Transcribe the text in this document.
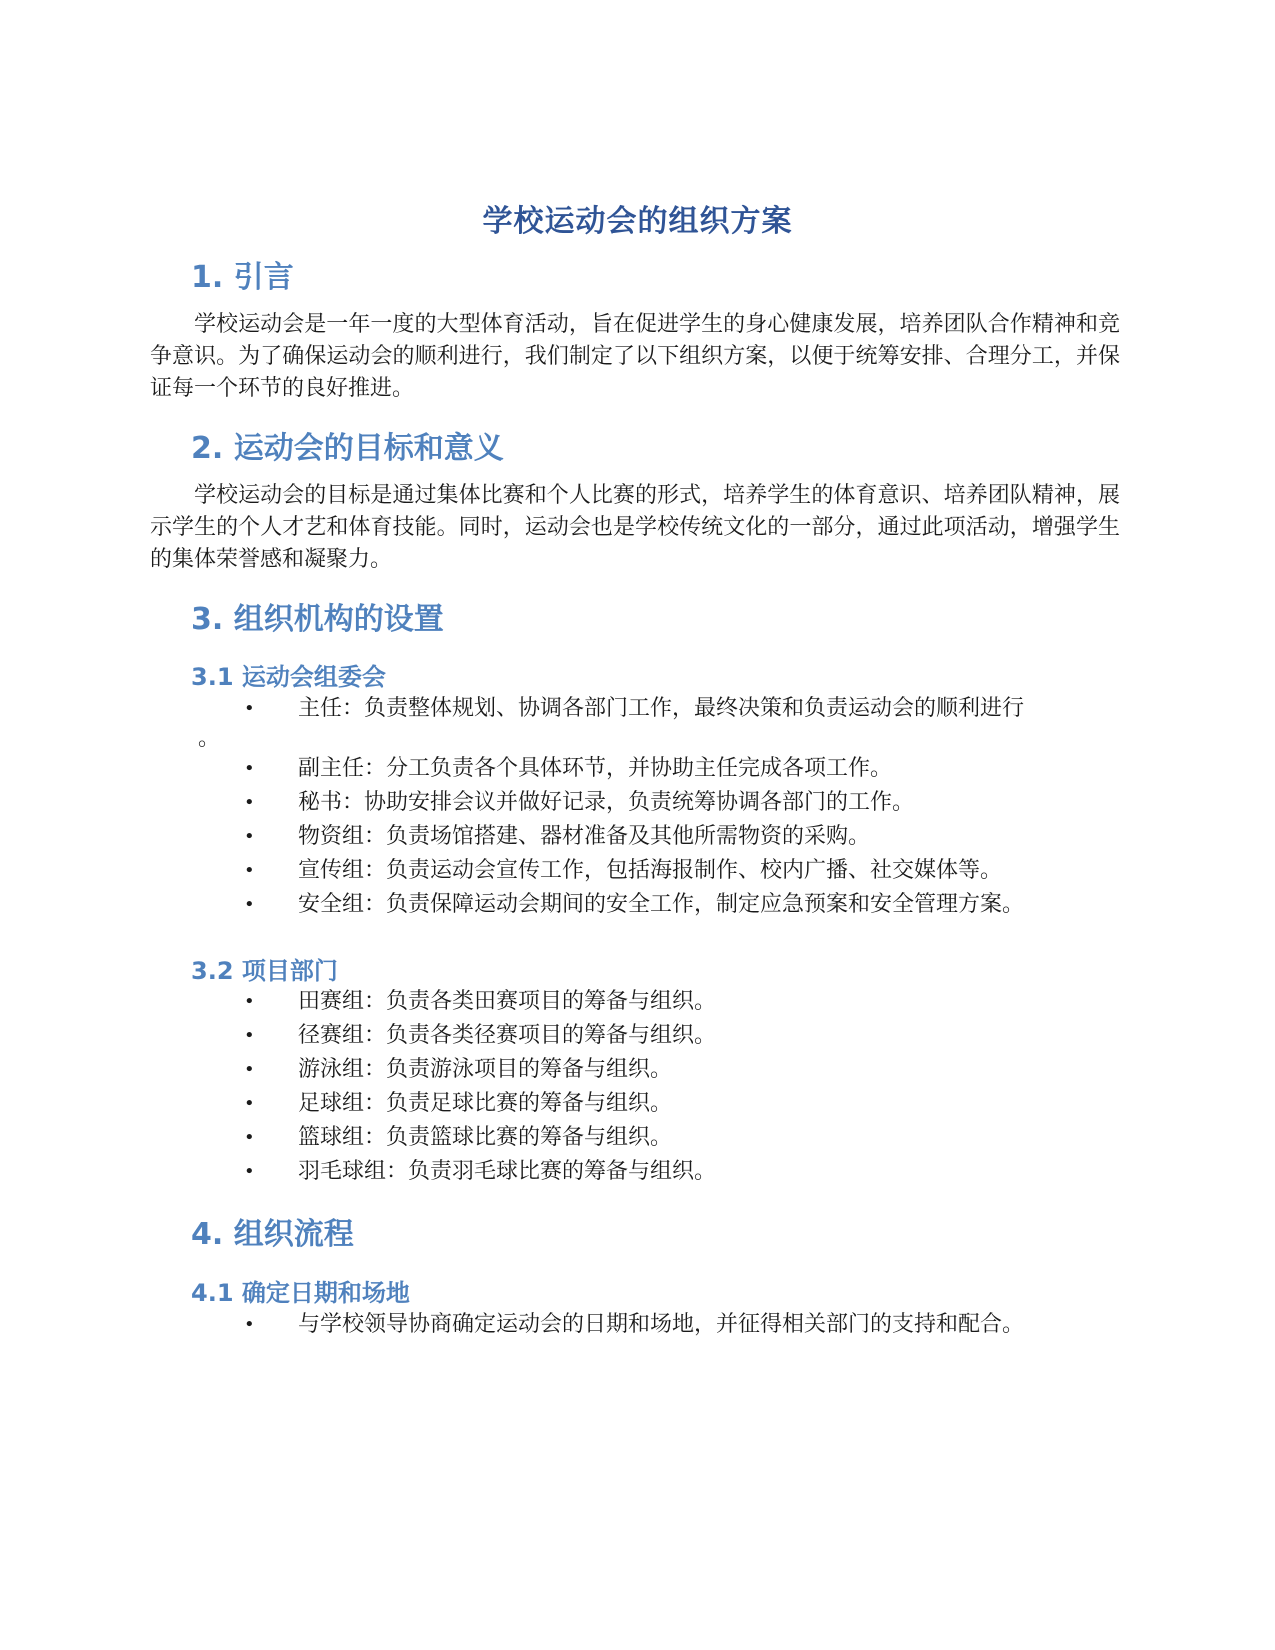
学校运动会的组织方案
1. 引言

学校运动会是一年一度的大型体育活动，旨在促进学生的身心健康发展，培养团队合作精神和竞争意识。为了确保运动会的顺利进行，我们制定了以下组织方案，以便于统筹安排、合理分工，并保证每一个环节的良好推进。

2. 运动会的目标和意义

学校运动会的目标是通过集体比赛和个人比赛的形式，培养学生的体育意识、培养团队精神，展示学生的个人才艺和体育技能。同时，运动会也是学校传统文化的一部分，通过此项活动，增强学生的集体荣誉感和凝聚力。

3. 组织机构的设置
3.1 运动会组委会
• 主任：负责整体规划、协调各部门工作，最终决策和负责运动会的顺利进行
。
• 副主任：分工负责各个具体环节，并协助主任完成各项工作。
• 秘书：协助安排会议并做好记录，负责统筹协调各部门的工作。
• 物资组：负责场馆搭建、器材准备及其他所需物资的采购。
• 宣传组：负责运动会宣传工作，包括海报制作、校内广播、社交媒体等。
• 安全组：负责保障运动会期间的安全工作，制定应急预案和安全管理方案。
3.2 项目部门
• 田赛组：负责各类田赛项目的筹备与组织。
• 径赛组：负责各类径赛项目的筹备与组织。
• 游泳组：负责游泳项目的筹备与组织。
• 足球组：负责足球比赛的筹备与组织。
• 篮球组：负责篮球比赛的筹备与组织。
• 羽毛球组：负责羽毛球比赛的筹备与组织。
4. 组织流程
4.1 确定日期和场地
• 与学校领导协商确定运动会的日期和场地，并征得相关部门的支持和配合。
